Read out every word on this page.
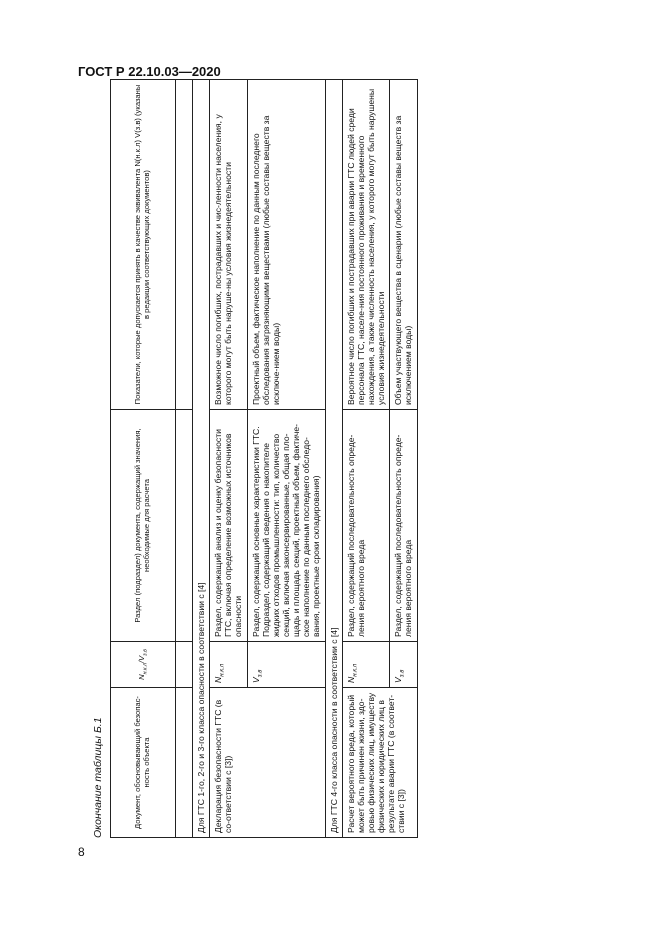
ГОСТ Р 22.10.03—2020
8
Окончание таблицы Б.1	Документ, обосновывающий безопас-ность объекта	$N_{н.к.л}/V_{з.в}$	Раздел (подраздел) документа, содержащий значения, необходимые для расчета	Показатели, которые допускается принять в качестве эквивалента N(н.к.л) V(з.в) (указаны в редакции соответствующих документов)

Для ГТС 1-го, 2-го и 3-го класса опасности в соответствии с [4]			
Декларация безопасности ГТС (в со-ответствии с [3])	$N_{н.к.л}$	Раздел, содержащий анализ и оценку безопасности ГТС, включая определение возможных источников опасности	Возможное число погибших, пострадавших и чис-ленности населения, у которого могут быть наруше-ны условия жизнедеятельности
	$V_{з.в}$	Раздел, содержащий основные характеристики ГТС. Подраздел, содержащий сведения о накопителе жидких отходов промышленности: тип, количество секций, включая законсервированные, общая пло-щадь и площадь секций, проектный объем, фактиче-ское наполнение по данным последнего обследо-вания, проектные сроки складирования)	Проектный объем, фактическое наполнение по данным последнего обследования загрязняющими веществами (любые составы веществ за исключе-нием воды)
Для ГТС 4-го класса опасности в соответствии с [4]			
Расчет вероятного вреда, который может быть причинен жизни, здо-ровью физических лиц, имуществу физических и юридических лиц в результате аварии ГТС (в соответ-ствии с [3])	$N_{н.к.л}$	Раздел, содержащий последовательность опреде-ления вероятного вреда	Вероятное число погибших и пострадавших при аварии ГТС людей среди персонала ГТС, населе-ния постоянного проживания и временного нахождения, а также численность населения, у которого могут быть нарушены условия жизнедеятельности
	$V_{з.в}$	Раздел, содержащий последовательность опреде-ления вероятного вреда	Объем участвующего вещества в сценарии (любые составы веществ за исключением воды)
